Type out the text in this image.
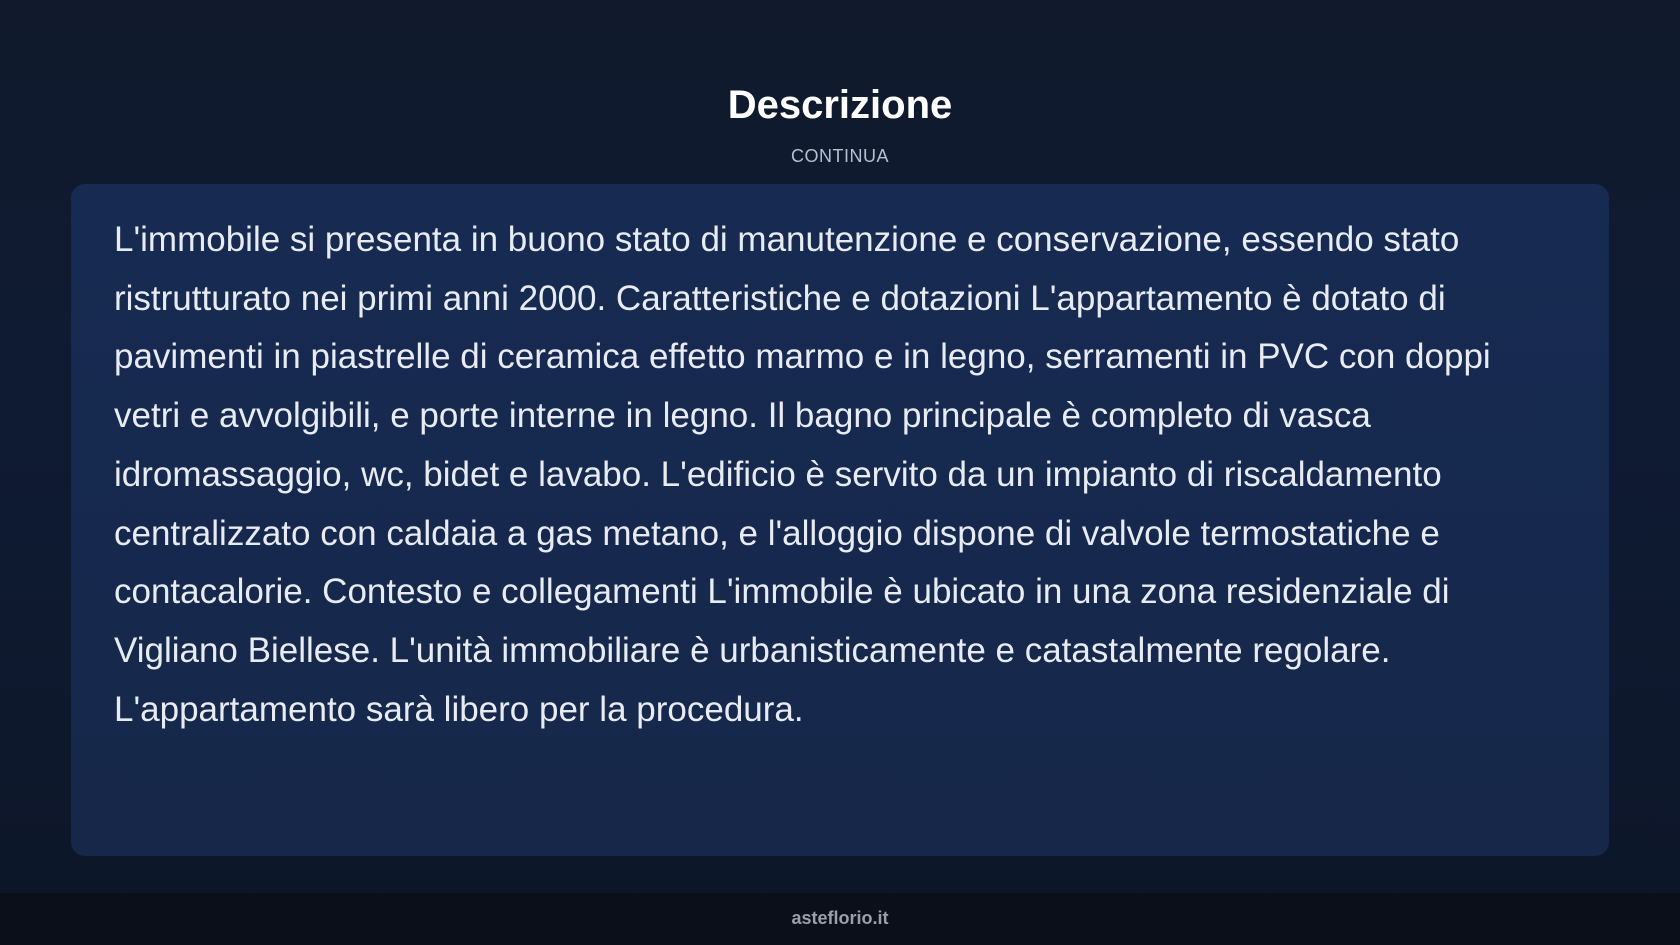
Descrizione
CONTINUA

L'immobile si presenta in buono stato di manutenzione e conservazione, essendo stato ristrutturato nei primi anni 2000. Caratteristiche e dotazioni L'appartamento è dotato di pavimenti in piastrelle di ceramica effetto marmo e in legno, serramenti in PVC con doppi vetri e avvolgibili, e porte interne in legno. Il bagno principale è completo di vasca idromassaggio, wc, bidet e lavabo. L'edificio è servito da un impianto di riscaldamento centralizzato con caldaia a gas metano, e l'alloggio dispone di valvole termostatiche e contacalorie. Contesto e collegamenti L'immobile è ubicato in una zona residenziale di Vigliano Biellese. L'unità immobiliare è urbanisticamente e catastalmente regolare. L'appartamento sarà libero per la procedura.

asteflorio.it
